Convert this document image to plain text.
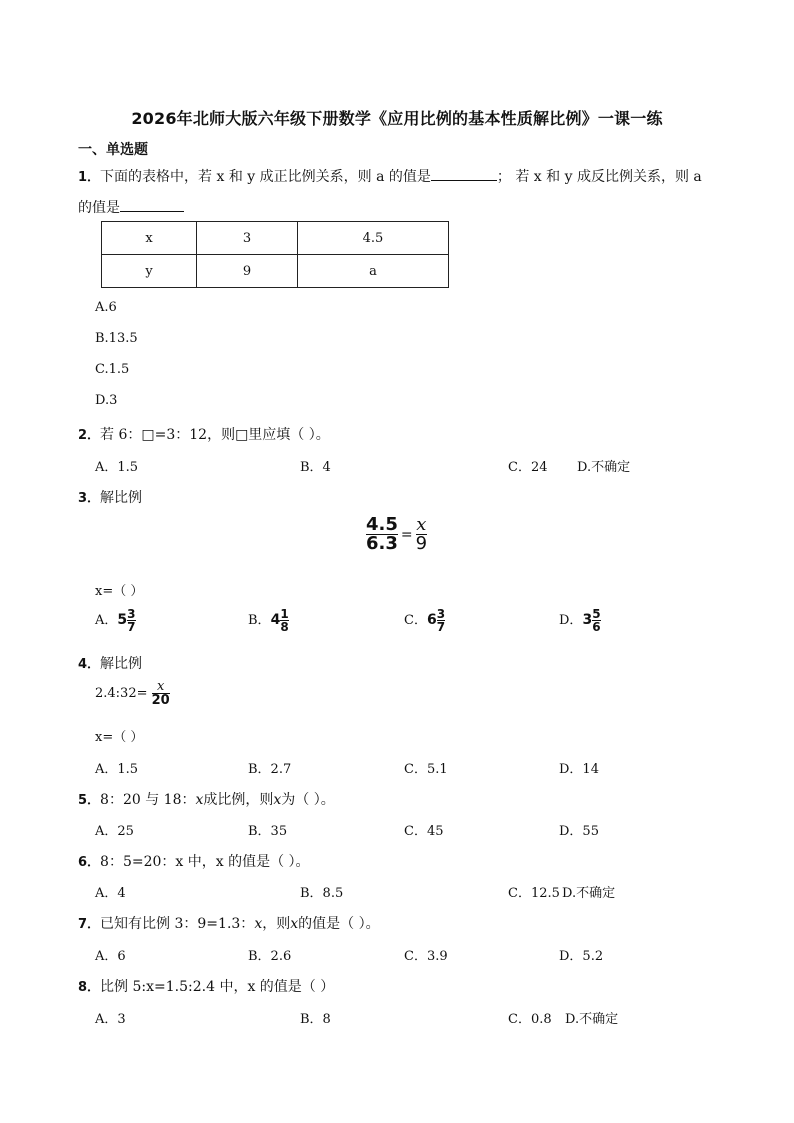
2026年北师大版六年级下册数学《应用比例的基本性质解比例》一课一练
一、单选题
1．下面的表格中，若 x 和 y 成正比例关系，则 a 的值是	； 若 x 和 y 成反比例关系，则 a
的值是
x	3	4.5
y	9	a
A.6
B.13.5
C.1.5
D.3
2．若 6：□=3：12，则□里应填（ ）。
A．1.5	B．4	C．24 D.不确定
3．解比例
$\frac{4.5}{6.3} = \frac{x}{9}$
x=（ ）
A．$5 \frac{3}{7}$	B．$4 \frac{1}{8}$	C．$6 \frac{3}{7}$	D．$3 \frac{5}{6}$
4．解比例
2.4:32= $\frac{x}{20}$
x=（ ）
A．1.5	B．2.7	C．5.1	D．14
5．8：20 与 18：x成比例，则x为（ ）。
A．25	B．35	C．45	D．55
6．8：5=20：x 中，x 的值是（ ）。
A．4	B．8.5	C．12.5 D.不确定
7．已知有比例 3：9=1.3：x，则x的值是（ ）。
A．6	B．2.6	C．3.9	D．5.2
8．比例 5:x=1.5:2.4 中，x 的值是（ ）
A．3	B．8	C．0.8 D.不确定
